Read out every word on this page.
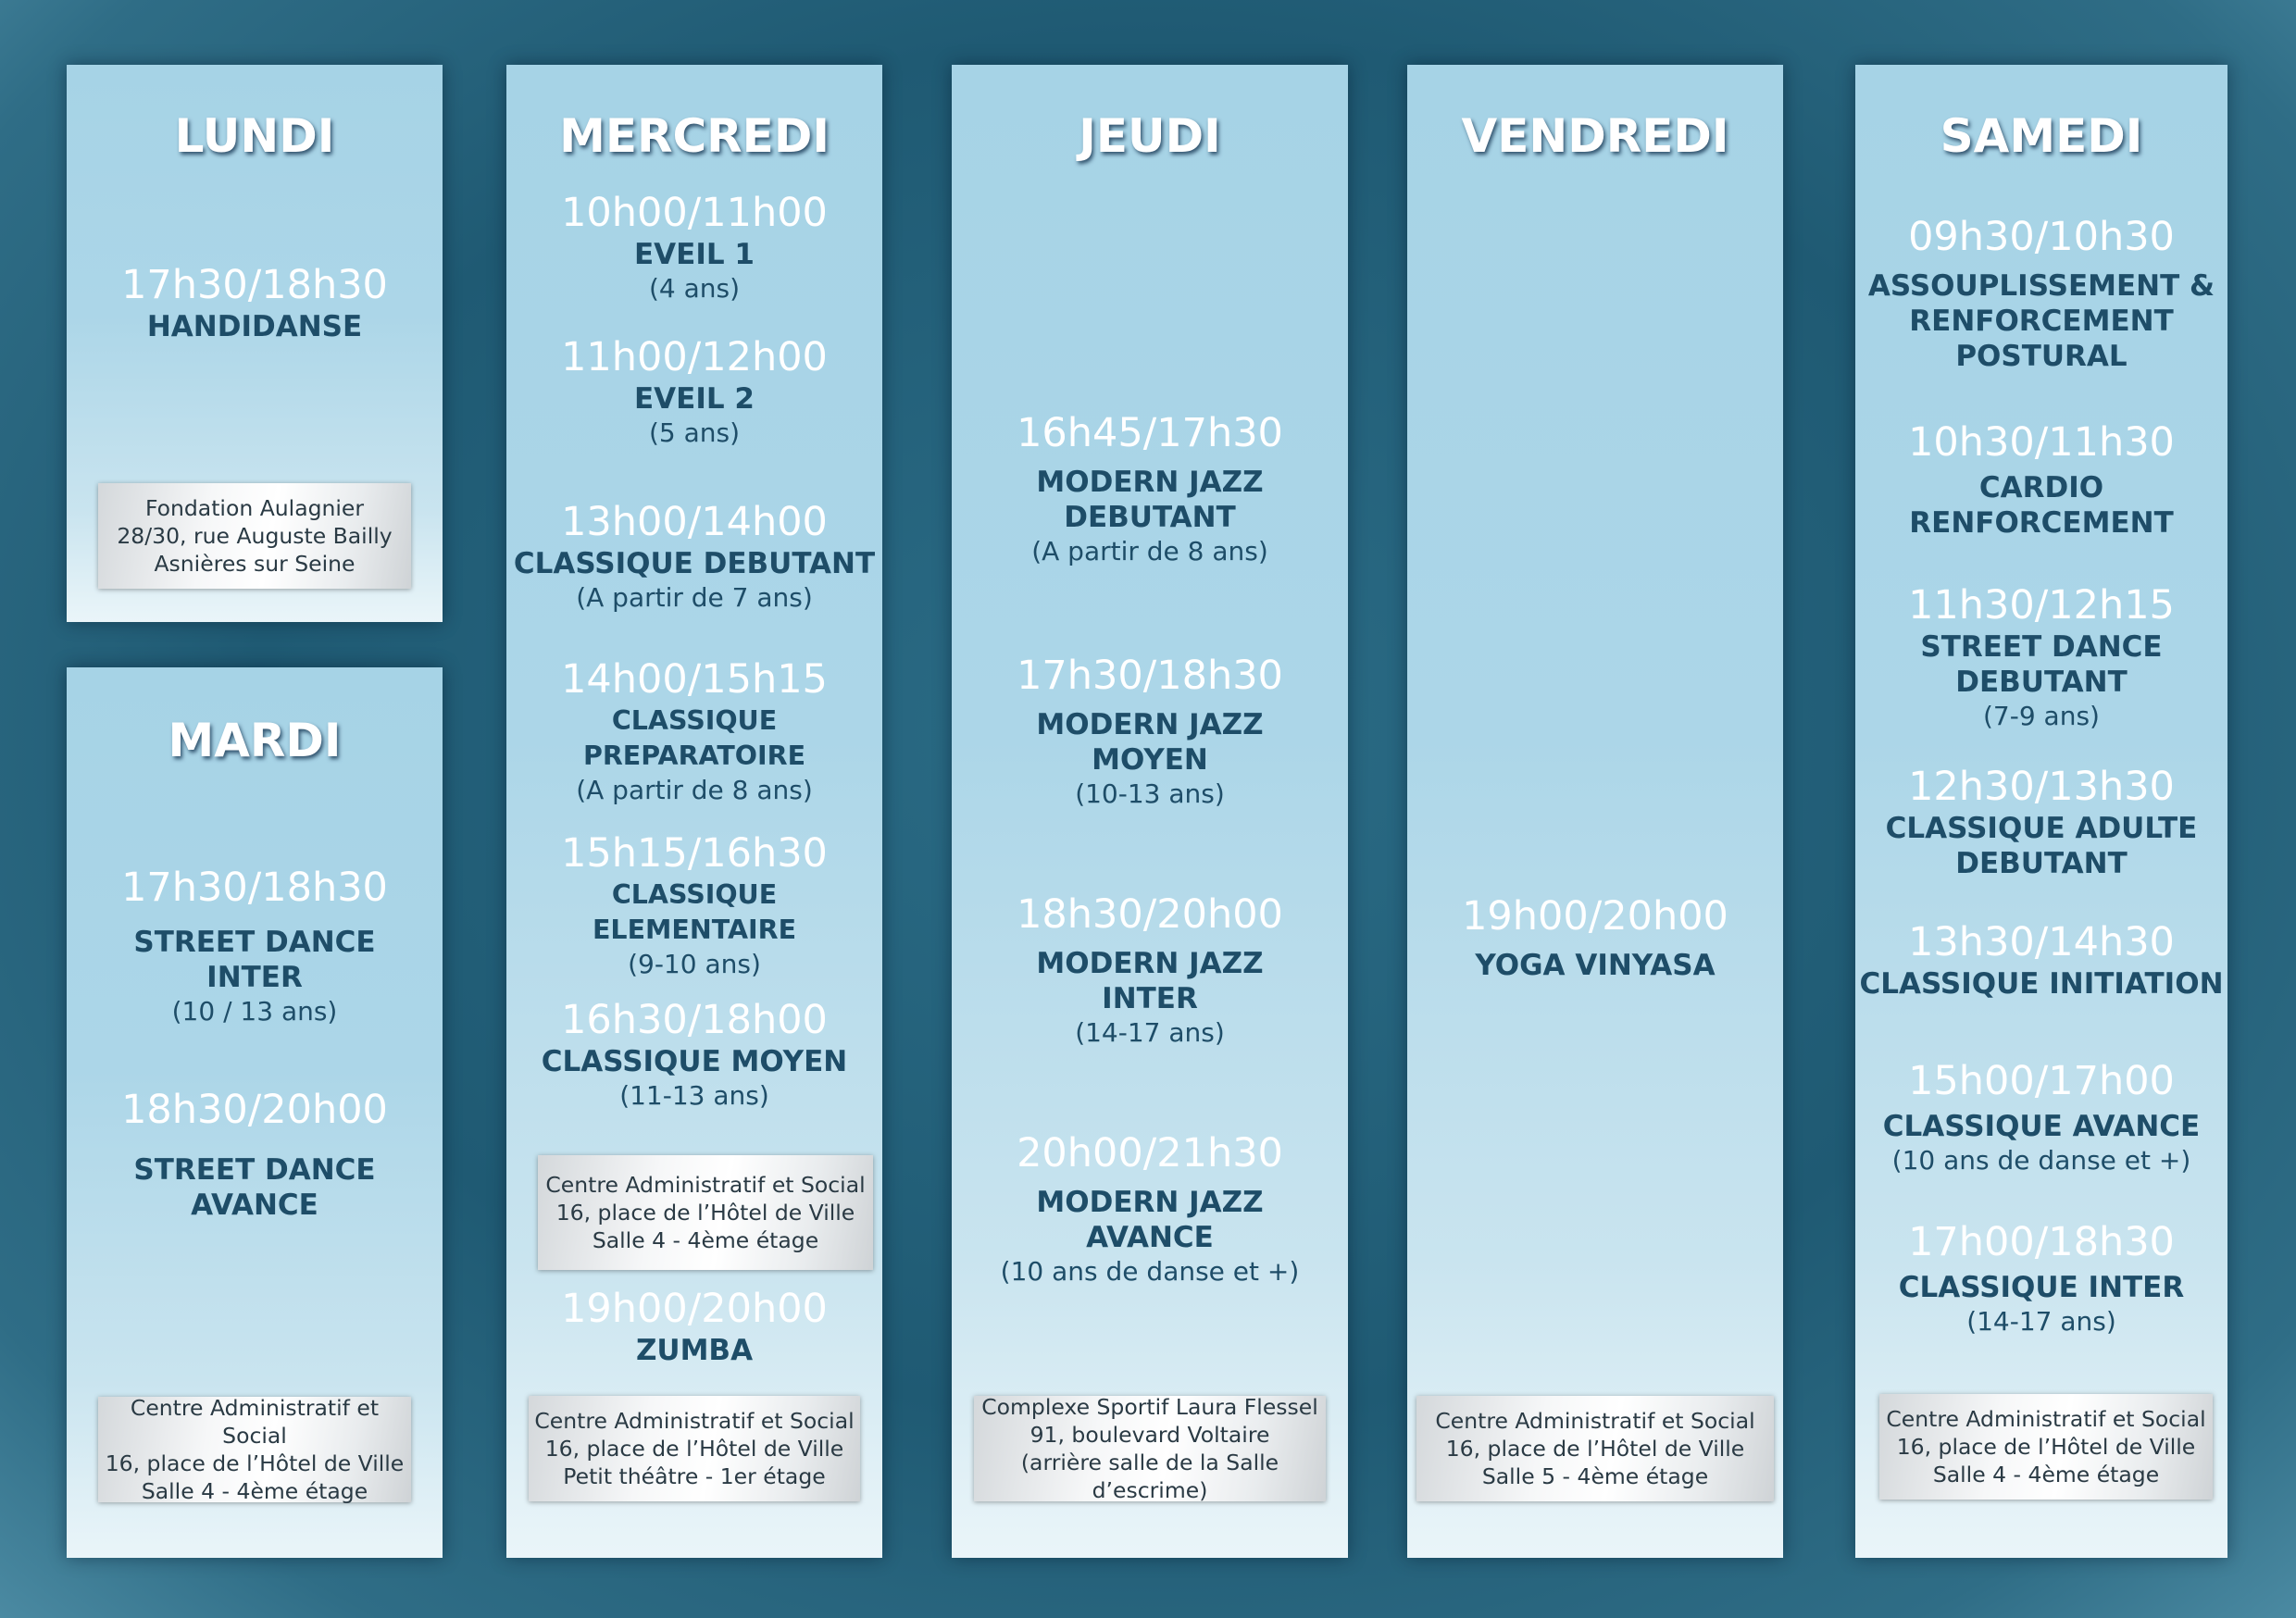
LUNDI
17h30/18h30
HANDIDANSE
Fondation Aulagnier
28/30, rue Auguste Bailly
Asnières sur Seine
MARDI
17h30/18h30
STREET DANCE
INTER
(10 / 13 ans)
18h30/20h00
STREET DANCE
AVANCE
Centre Administratif et Social
16, place de l’Hôtel de Ville
Salle 4 - 4ème étage
MERCREDI
10h00/11h00
EVEIL 1
(4 ans)
11h00/12h00
EVEIL 2
(5 ans)
13h00/14h00
CLASSIQUE DEBUTANT
(A partir de 7 ans)
14h00/15h15
CLASSIQUE PREPARATOIRE
(A partir de 8 ans)
15h15/16h30
CLASSIQUE ELEMENTAIRE
(9-10 ans)
16h30/18h00
CLASSIQUE MOYEN
(11-13 ans)
Centre Administratif et Social
16, place de l’Hôtel de Ville
Salle 4 - 4ème étage
19h00/20h00
ZUMBA
Centre Administratif et Social
16, place de l’Hôtel de Ville
Petit théâtre - 1er étage
JEUDI
16h45/17h30
MODERN JAZZ
DEBUTANT
(A partir de 8 ans)
17h30/18h30
MODERN JAZZ
MOYEN
(10-13 ans)
18h30/20h00
MODERN JAZZ
INTER
(14-17 ans)
20h00/21h30
MODERN JAZZ
AVANCE
(10 ans de danse et +)
Complexe Sportif Laura Flessel
91, boulevard Voltaire
(arrière salle de la Salle d’escrime)
VENDREDI
19h00/20h00
YOGA VINYASA
Centre Administratif et Social
16, place de l’Hôtel de Ville
Salle 5 - 4ème étage
SAMEDI
09h30/10h30
ASSOUPLISSEMENT &
RENFORCEMENT
POSTURAL
10h30/11h30
CARDIO
RENFORCEMENT
11h30/12h15
STREET DANCE
DEBUTANT
(7-9 ans)
12h30/13h30
CLASSIQUE ADULTE
DEBUTANT
13h30/14h30
CLASSIQUE INITIATION
15h00/17h00
CLASSIQUE AVANCE
(10 ans de danse et +)
17h00/18h30
CLASSIQUE INTER
(14-17 ans)
Centre Administratif et Social
16, place de l’Hôtel de Ville
Salle 4 - 4ème étage
